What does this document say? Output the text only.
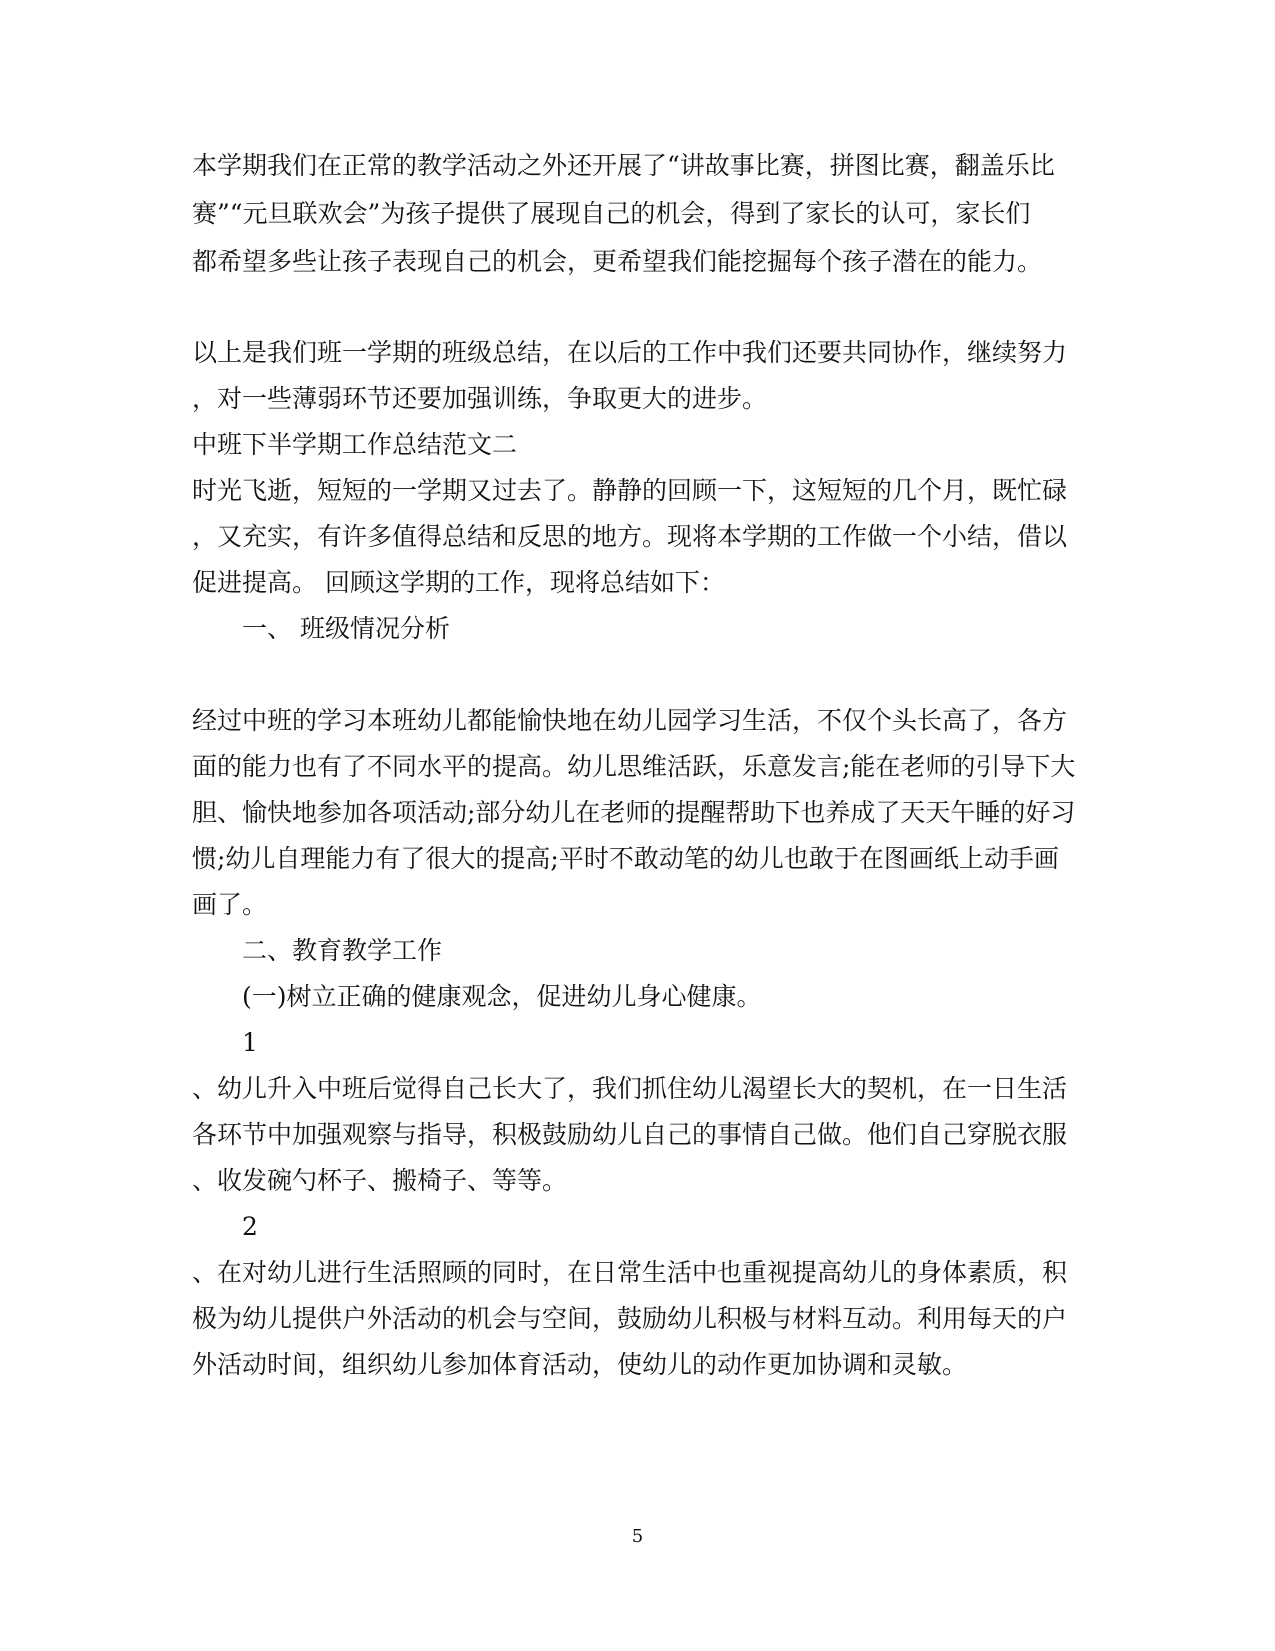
本学期我们在正常的教学活动之外还开展了“讲故事比赛，拼图比赛，翻盖乐比
赛”“元旦联欢会”为孩子提供了展现自己的机会，得到了家长的认可，家长们
都希望多些让孩子表现自己的机会，更希望我们能挖掘每个孩子潜在的能力。
以上是我们班一学期的班级总结，在以后的工作中我们还要共同协作，继续努力
，对一些薄弱环节还要加强训练，争取更大的进步。
中班下半学期工作总结范文二
时光飞逝，短短的一学期又过去了。静静的回顾一下，这短短的几个月，既忙碌
，又充实，有许多值得总结和反思的地方。现将本学期的工作做一个小结，借以
促进提高。 回顾这学期的工作，现将总结如下：
一、 班级情况分析
经过中班的学习本班幼儿都能愉快地在幼儿园学习生活，不仅个头长高了，各方
面的能力也有了不同水平的提高。幼儿思维活跃，乐意发言;能在老师的引导下大
胆、愉快地参加各项活动;部分幼儿在老师的提醒帮助下也养成了天天午睡的好习
惯;幼儿自理能力有了很大的提高;平时不敢动笔的幼儿也敢于在图画纸上动手画
画了。
二、教育教学工作
(一)树立正确的健康观念，促进幼儿身心健康。
1
、幼儿升入中班后觉得自己长大了，我们抓住幼儿渴望长大的契机，在一日生活
各环节中加强观察与指导，积极鼓励幼儿自己的事情自己做。他们自己穿脱衣服
、收发碗勺杯子、搬椅子、等等。
2
、在对幼儿进行生活照顾的同时，在日常生活中也重视提高幼儿的身体素质，积
极为幼儿提供户外活动的机会与空间，鼓励幼儿积极与材料互动。利用每天的户
外活动时间，组织幼儿参加体育活动，使幼儿的动作更加协调和灵敏。
5
